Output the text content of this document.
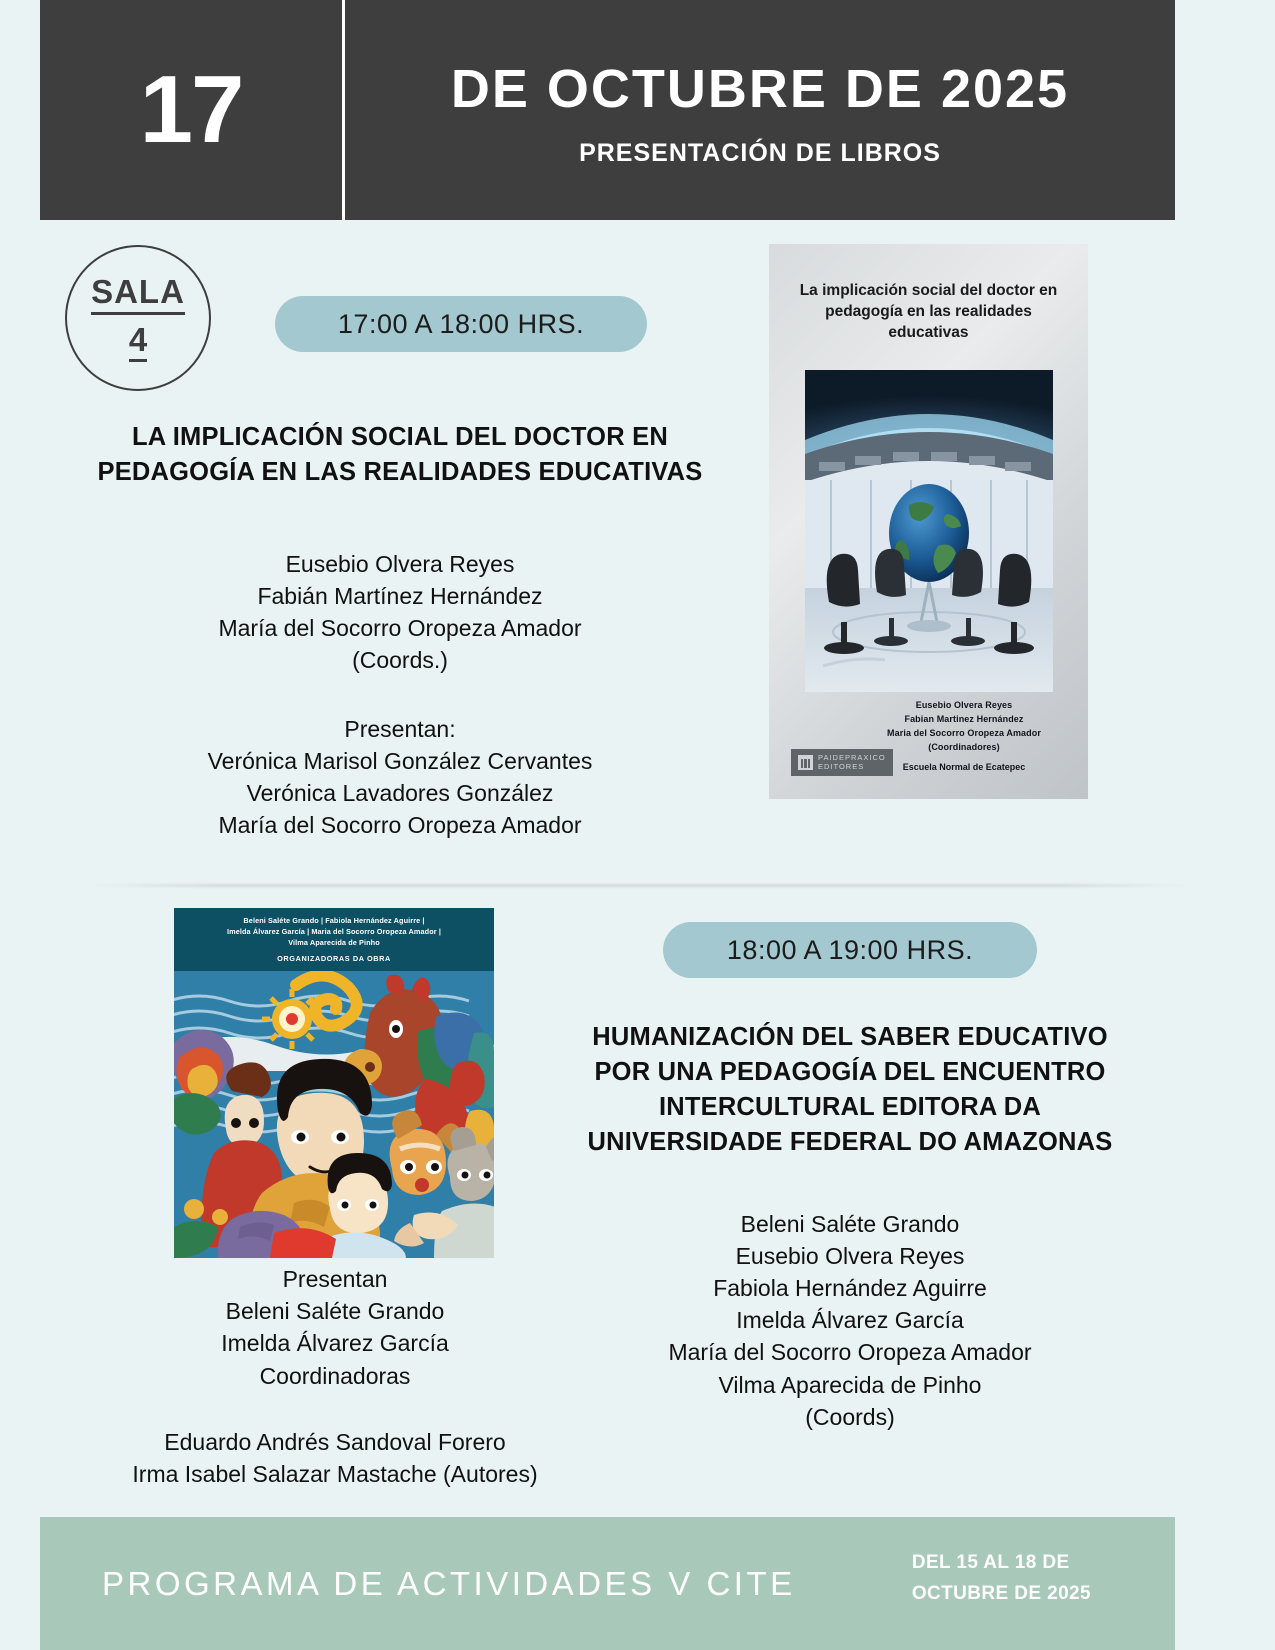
17	DE OCTUBRE DE 2025
PRESENTACIÓN DE LIBROS
SALA
4	17:00 A 18:00 HRS.
LA IMPLICACIÓN SOCIAL DEL DOCTOR EN
PEDAGOGÍA EN LAS REALIDADES EDUCATIVAS
Eusebio Olvera Reyes
Fabián Martínez Hernández
María del Socorro Oropeza Amador
(Coords.)
Presentan:
Verónica Marisol González Cervantes
Verónica Lavadores González
María del Socorro Oropeza Amador
La implicación social del doctor en
pedagogía en las realidades
educativas
Eusebio Olvera Reyes
Fabian Martinez Hernández
Maria del Socorro Oropeza Amador
(Coordinadores)
Escuela Normal de Ecatepec
PAIDEPRAXICO
EDITORES
Beleni Saléte Grando | Fabiola Hernández Aguirre |
Imelda Álvarez García | Maria del Socorro Oropeza Amador |
Vilma Aparecida de Pinho
ORGANIZADORAS DA OBRA	18:00 A 19:00 HRS.
HUMANIZACIÓN DEL SABER EDUCATIVO
POR UNA PEDAGOGÍA DEL ENCUENTRO
INTERCULTURAL EDITORA DA
UNIVERSIDADE FEDERAL DO AMAZONAS
Beleni Saléte Grando
Eusebio Olvera Reyes
Fabiola Hernández Aguirre
Imelda Álvarez García
María del Socorro Oropeza Amador
Vilma Aparecida de Pinho
(Coords)
Presentan
Beleni Saléte Grando
Imelda Álvarez García
Coordinadoras
Eduardo Andrés Sandoval Forero
Irma Isabel Salazar Mastache (Autores)
PROGRAMA DE ACTIVIDADES V CITE
DEL 15 AL 18 DE
OCTUBRE DE 2025
